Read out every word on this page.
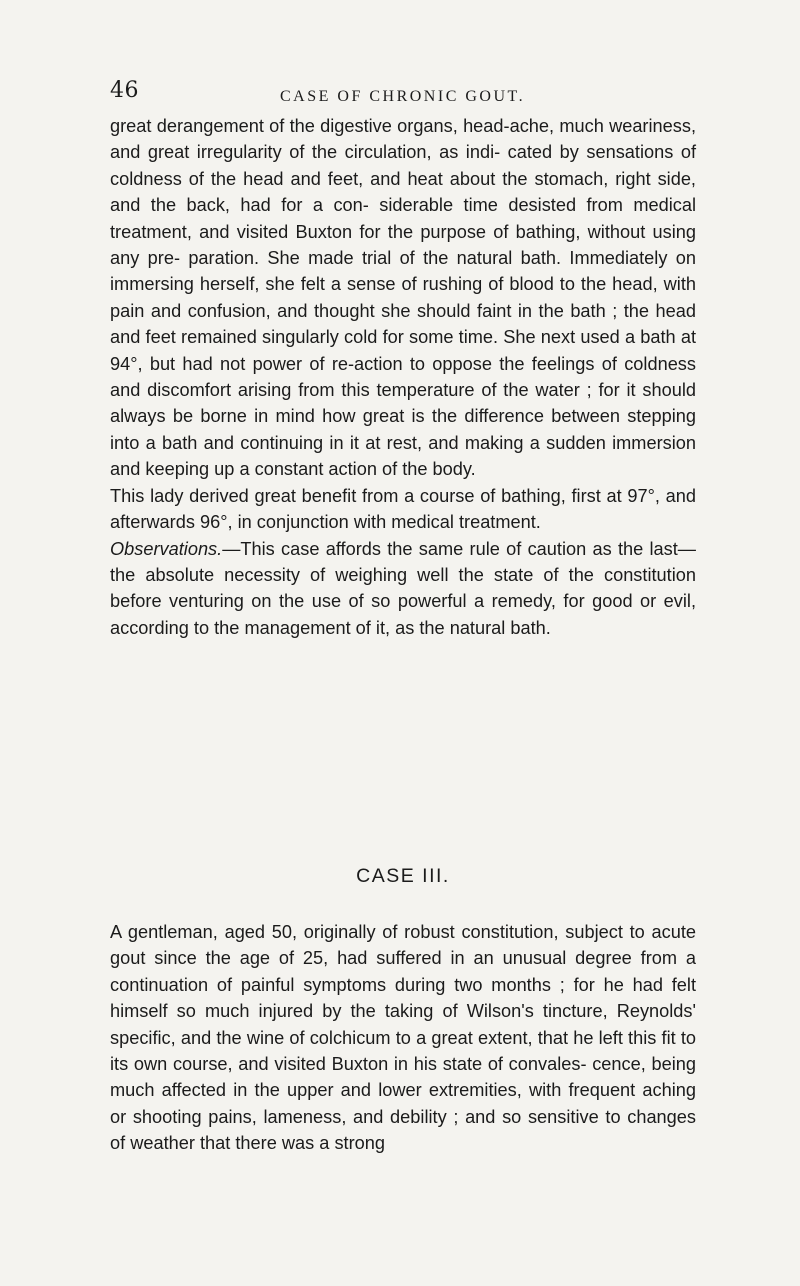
46	CASE OF CHRONIC GOUT.

great derangement of the digestive organs, head-ache, much weariness, and great irregularity of the circulation, as indi- cated by sensations of coldness of the head and feet, and heat about the stomach, right side, and the back, had for a con- siderable time desisted from medical treatment, and visited Buxton for the purpose of bathing, without using any pre- paration. She made trial of the natural bath. Immediately on immersing herself, she felt a sense of rushing of blood to the head, with pain and confusion, and thought she should faint in the bath ; the head and feet remained singularly cold for some time. She next used a bath at 94°, but had not power of re-action to oppose the feelings of coldness and discomfort arising from this temperature of the water ; for it should always be borne in mind how great is the difference between stepping into a bath and continuing in it at rest, and making a sudden immersion and keeping up a constant action of the body.

This lady derived great benefit from a course of bathing, first at 97°, and afterwards 96°, in conjunction with medical treatment.

Observations.—This case affords the same rule of caution as the last—the absolute necessity of weighing well the state of the constitution before venturing on the use of so powerful a remedy, for good or evil, according to the management of it, as the natural bath.

CASE III.

A gentleman, aged 50, originally of robust constitution, subject to acute gout since the age of 25, had suffered in an unusual degree from a continuation of painful symptoms during two months ; for he had felt himself so much injured by the taking of Wilson's tincture, Reynolds' specific, and the wine of colchicum to a great extent, that he left this fit to its own course, and visited Buxton in his state of convales- cence, being much affected in the upper and lower extremities, with frequent aching or shooting pains, lameness, and debility ; and so sensitive to changes of weather that there was a strong
